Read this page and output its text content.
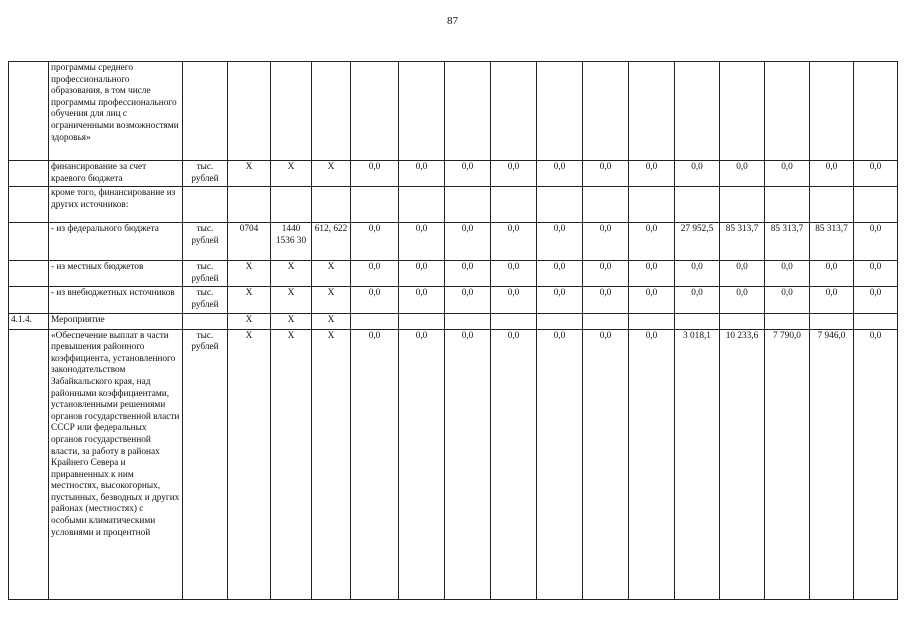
87
	программы среднего профессионального образования, в том числе программы профессионального обучения для лиц с ограниченными возможностями здоровья»																
	финансирование за счет краевого бюджета	тыс. рублей	X	X	X	0,0	0,0	0,0	0,0	0,0	0,0	0,0	0,0	0,0	0,0	0,0	0,0
	кроме того, финансирование из других источников:																
	- из федерального бюджета	тыс. рублей	0704	1440 1536 30	612, 622	0,0	0,0	0,0	0,0	0,0	0,0	0,0	27 952,5	85 313,7	85 313,7	85 313,7	0,0
	- из местных бюджетов	тыс. рублей	X	X	X	0,0	0,0	0,0	0,0	0,0	0,0	0,0	0,0	0,0	0,0	0,0	0,0
	- из внебюджетных источников	тыс. рублей	X	X	X	0,0	0,0	0,0	0,0	0,0	0,0	0,0	0,0	0,0	0,0	0,0	0,0
4.1.4.	Мероприятие		X	X	X												
	«Обеспечение выплат в части превышения районного коэффициента, установленного законодательством Забайкальского края, над районными коэффициентами, установленными решениями органов государственной власти СССР или федеральных органов государственной власти, за работу в районах Крайнего Севера и приравненных к ним местностях, высокогорных, пустынных, безводных и других районах (местностях) с особыми климатическими условиями и процентной	тыс. рублей	X	X	X	0,0	0,0	0,0	0,0	0,0	0,0	0,0	3 018,1	10 233,6	7 790,0	7 946,0	0,0
